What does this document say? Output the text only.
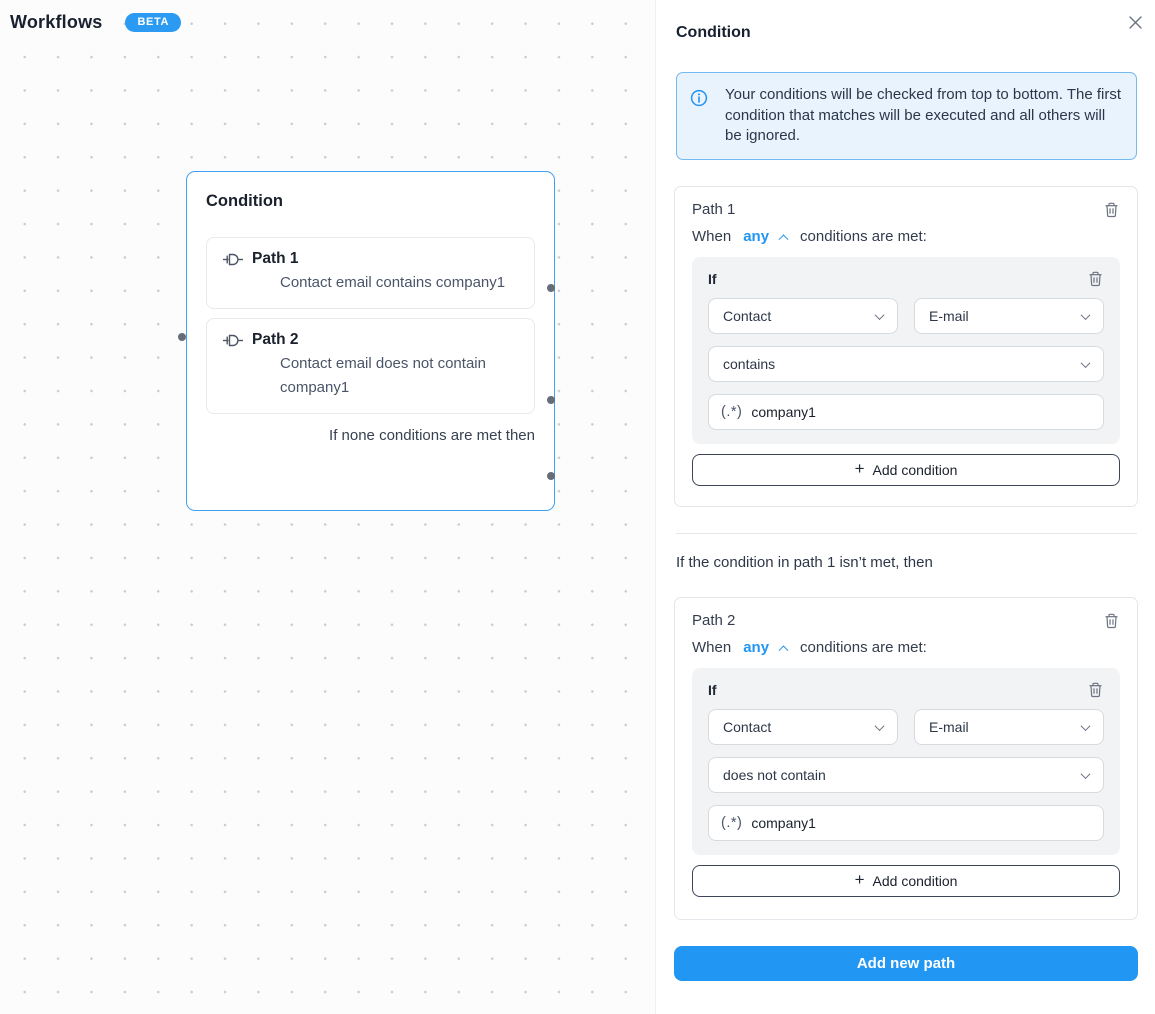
Workflows	BETA
Condition
Path 1
Contact email contains company1
Path 2
Contact email does not contain company1
If none conditions are met then
Condition
Your conditions will be checked from top to bottom. The first condition that matches will be executed and all others will be ignored.
Path 1
When any conditions are met:
If
Contact	E-mail
contains
(.*) company1
+ Add condition
If the condition in path 1 isn’t met, then
Path 2
When any conditions are met:
If
Contact	E-mail
does not contain
(.*) company1
+ Add condition
Add new path
